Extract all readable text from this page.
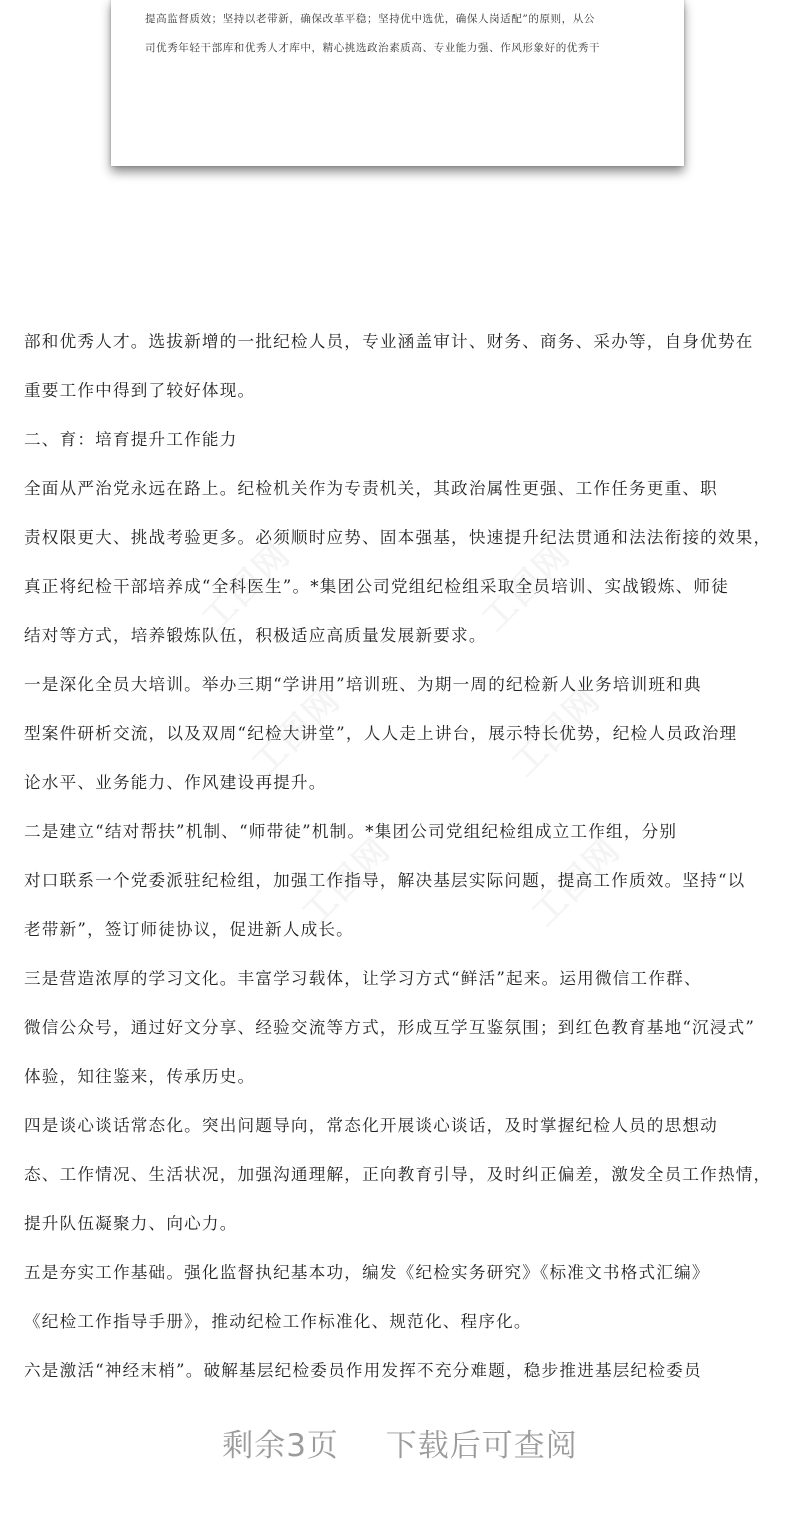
提高监督质效；坚持以老带新，确保改革平稳；坚持优中选优，确保人岗适配”的原则，从公

司优秀年轻干部库和优秀人才库中，精心挑选政治素质高、专业能力强、作风形象好的优秀干

部和优秀人才。选拔新增的一批纪检人员，专业涵盖审计、财务、商务、采办等，自身优势在

重要工作中得到了较好体现。

二、育：培育提升工作能力

全面从严治党永远在路上。纪检机关作为专责机关，其政治属性更强、工作任务更重、职

责权限更大、挑战考验更多。必须顺时应势、固本强基，快速提升纪法贯通和法法衔接的效果，

真正将纪检干部培养成“全科医生”。*集团公司党组纪检组采取全员培训、实战锻炼、师徒

结对等方式，培养锻炼队伍，积极适应高质量发展新要求。

一是深化全员大培训。举办三期“学讲用”培训班、为期一周的纪检新人业务培训班和典

型案件研析交流，以及双周“纪检大讲堂”，人人走上讲台，展示特长优势，纪检人员政治理

论水平、业务能力、作风建设再提升。

二是建立“结对帮扶”机制、“师带徒”机制。*集团公司党组纪检组成立工作组，分别

对口联系一个党委派驻纪检组，加强工作指导，解决基层实际问题，提高工作质效。坚持“以

老带新”，签订师徒协议，促进新人成长。

三是营造浓厚的学习文化。丰富学习载体，让学习方式“鲜活”起来。运用微信工作群、

微信公众号，通过好文分享、经验交流等方式，形成互学互鉴氛围；到红色教育基地“沉浸式”

体验，知往鉴来，传承历史。

四是谈心谈话常态化。突出问题导向，常态化开展谈心谈话，及时掌握纪检人员的思想动

态、工作情况、生活状况，加强沟通理解，正向教育引导，及时纠正偏差，激发全员工作热情，

提升队伍凝聚力、向心力。

五是夯实工作基础。强化监督执纪基本功，编发《纪检实务研究》《标准文书格式汇编》

《纪检工作指导手册》，推动纪检工作标准化、规范化、程序化。

六是激活“神经末梢”。破解基层纪检委员作用发挥不充分难题，稳步推进基层纪检委员

剩余3页 下载后可查阅
